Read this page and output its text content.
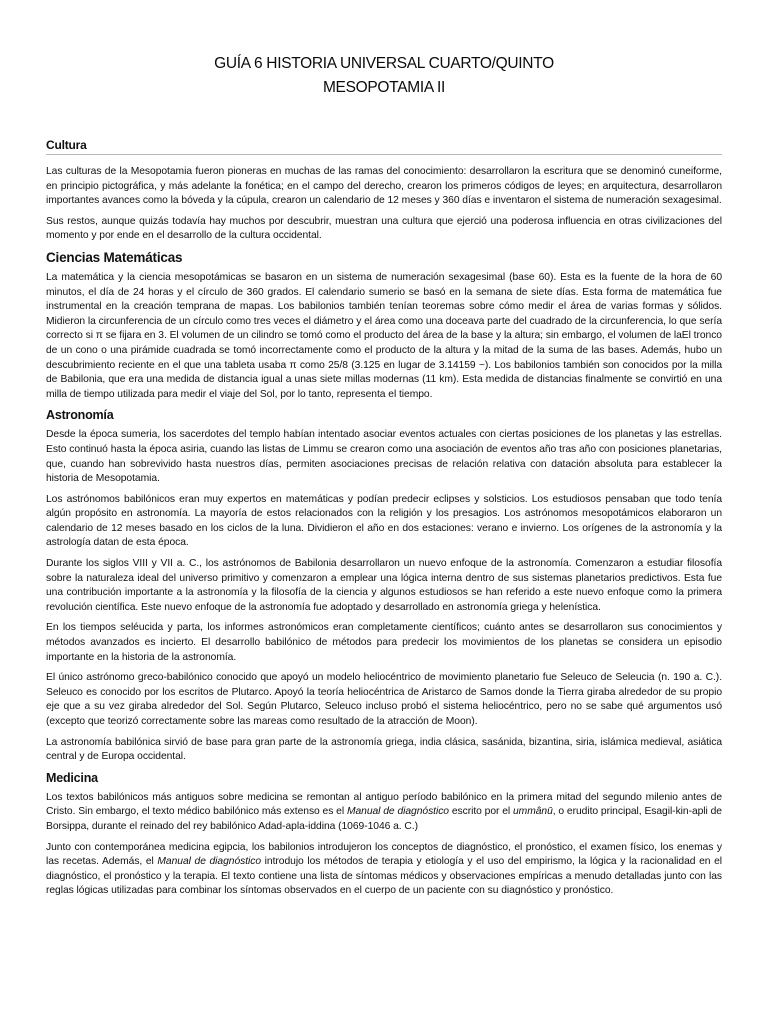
GUÍA 6 HISTORIA UNIVERSAL CUARTO/QUINTO
MESOPOTAMIA II
Cultura

Las culturas de la Mesopotamia fueron pioneras en muchas de las ramas del conocimiento: desarrollaron la escritura que se denominó cuneiforme, en principio pictográfica, y más adelante la fonética; en el campo del derecho, crearon los primeros códigos de leyes; en arquitectura, desarrollaron importantes avances como la bóveda y la cúpula, crearon un calendario de 12 meses y 360 días e inventaron el sistema de numeración sexagesimal.

Sus restos, aunque quizás todavía hay muchos por descubrir, muestran una cultura que ejerció una poderosa influencia en otras civilizaciones del momento y por ende en el desarrollo de la cultura occidental.

Ciencias Matemáticas

La matemática y la ciencia mesopotámicas se basaron en un sistema de numeración sexagesimal (base 60). Esta es la fuente de la hora de 60 minutos, el día de 24 horas y el círculo de 360 grados. El calendario sumerio se basó en la semana de siete días. Esta forma de matemática fue instrumental en la creación temprana de mapas. Los babilonios también tenían teoremas sobre cómo medir el área de varias formas y sólidos. Midieron la circunferencia de un círculo como tres veces el diámetro y el área como una doceava parte del cuadrado de la circunferencia, lo que sería correcto si π se fijara en 3. El volumen de un cilindro se tomó como el producto del área de la base y la altura; sin embargo, el volumen de laEl tronco de un cono o una pirámide cuadrada se tomó incorrectamente como el producto de la altura y la mitad de la suma de las bases. Además, hubo un descubrimiento reciente en el que una tableta usaba π como 25/8 (3.125 en lugar de 3.14159 ~). Los babilonios también son conocidos por la milla de Babilonia, que era una medida de distancia igual a unas siete millas modernas (11 km). Esta medida de distancias finalmente se convirtió en una milla de tiempo utilizada para medir el viaje del Sol, por lo tanto, representa el tiempo.

Astronomía

Desde la época sumeria, los sacerdotes del templo habían intentado asociar eventos actuales con ciertas posiciones de los planetas y las estrellas. Esto continuó hasta la época asiria, cuando las listas de Limmu se crearon como una asociación de eventos año tras año con posiciones planetarias, que, cuando han sobrevivido hasta nuestros días, permiten asociaciones precisas de relación relativa con datación absoluta para establecer la historia de Mesopotamia.

Los astrónomos babilónicos eran muy expertos en matemáticas y podían predecir eclipses y solsticios. Los estudiosos pensaban que todo tenía algún propósito en astronomía. La mayoría de estos relacionados con la religión y los presagios. Los astrónomos mesopotámicos elaboraron un calendario de 12 meses basado en los ciclos de la luna. Dividieron el año en dos estaciones: verano e invierno. Los orígenes de la astronomía y la astrología datan de esta época.

Durante los siglos VIII y VII a. C., los astrónomos de Babilonia desarrollaron un nuevo enfoque de la astronomía. Comenzaron a estudiar filosofía sobre la naturaleza ideal del universo primitivo y comenzaron a emplear una lógica interna dentro de sus sistemas planetarios predictivos. Esta fue una contribución importante a la astronomía y la filosofía de la ciencia y algunos estudiosos se han referido a este nuevo enfoque como la primera revolución científica. Este nuevo enfoque de la astronomía fue adoptado y desarrollado en astronomía griega y helenística.

En los tiempos seléucida y parta, los informes astronómicos eran completamente científicos; cuánto antes se desarrollaron sus conocimientos y métodos avanzados es incierto. El desarrollo babilónico de métodos para predecir los movimientos de los planetas se considera un episodio importante en la historia de la astronomía.

El único astrónomo greco-babilónico conocido que apoyó un modelo heliocéntrico de movimiento planetario fue Seleuco de Seleucia (n. 190 a. C.). Seleuco es conocido por los escritos de Plutarco. Apoyó la teoría heliocéntrica de Aristarco de Samos donde la Tierra giraba alrededor de su propio eje que a su vez giraba alrededor del Sol. Según Plutarco, Seleuco incluso probó el sistema heliocéntrico, pero no se sabe qué argumentos usó (excepto que teorizó correctamente sobre las mareas como resultado de la atracción de Moon).

La astronomía babilónica sirvió de base para gran parte de la astronomía griega, india clásica, sasánida, bizantina, siria, islámica medieval, asiática central y de Europa occidental.

Medicina

Los textos babilónicos más antiguos sobre medicina se remontan al antiguo período babilónico en la primera mitad del segundo milenio antes de Cristo. Sin embargo, el texto médico babilónico más extenso es el Manual de diagnóstico escrito por el ummânū, o erudito principal, Esagil-kin-apli de Borsippa, durante el reinado del rey babilónico Adad-apla-iddina (1069-1046 a. C.)

Junto con contemporánea medicina egipcia, los babilonios introdujeron los conceptos de diagnóstico, el pronóstico, el examen físico, los enemas y las recetas. Además, el Manual de diagnóstico introdujo los métodos de terapia y etiología y el uso del empirismo, la lógica y la racionalidad en el diagnóstico, el pronóstico y la terapia. El texto contiene una lista de síntomas médicos y observaciones empíricas a menudo detalladas junto con las reglas lógicas utilizadas para combinar los síntomas observados en el cuerpo de un paciente con su diagnóstico y pronóstico.
